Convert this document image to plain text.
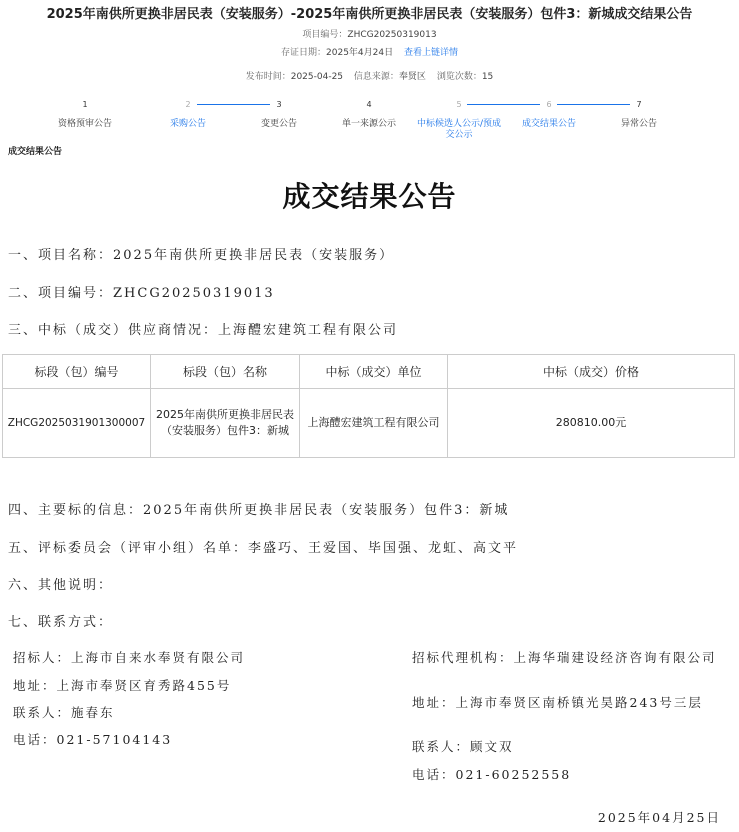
2025年南供所更换非居民表（安装服务）-2025年南供所更换非居民表（安装服务）包件3：新城成交结果公告
项目编号：ZHCG20250319013
存证日期：2025年4月24日 查看上链详情
发布时间：2025-04-25 信息来源：奉贤区 浏览次数：15
1
资格预审公告
2
采购公告
3
变更公告
4
单一来源公示
5
中标候选人公示/预成交公示
6
成交结果公告
7
异常公告
成交结果公告
成交结果公告
一、项目名称：2025年南供所更换非居民表（安装服务）
二、项目编号：ZHCG20250319013
三、中标（成交）供应商情况：上海醴宏建筑工程有限公司
标段（包）编号	标段（包）名称	中标（成交）单位	中标（成交）价格
ZHCG2025031901300007	2025年南供所更换非居民表（安装服务）包件3：新城	上海醴宏建筑工程有限公司	280810.00元
四、主要标的信息：2025年南供所更换非居民表（安装服务）包件3：新城
五、评标委员会（评审小组）名单：李盛巧、王爱国、毕国强、龙虹、高文平
六、其他说明：
七、联系方式：
招标人：上海市自来水奉贤有限公司
地址：上海市奉贤区育秀路455号
联系人：施春东
电话：021-57104143
招标代理机构：上海华瑞建设经济咨询有限公司
地址：上海市奉贤区南桥镇光昊路243号三层
联系人：顾文双
电话：021-60252558
2025年04月25日
